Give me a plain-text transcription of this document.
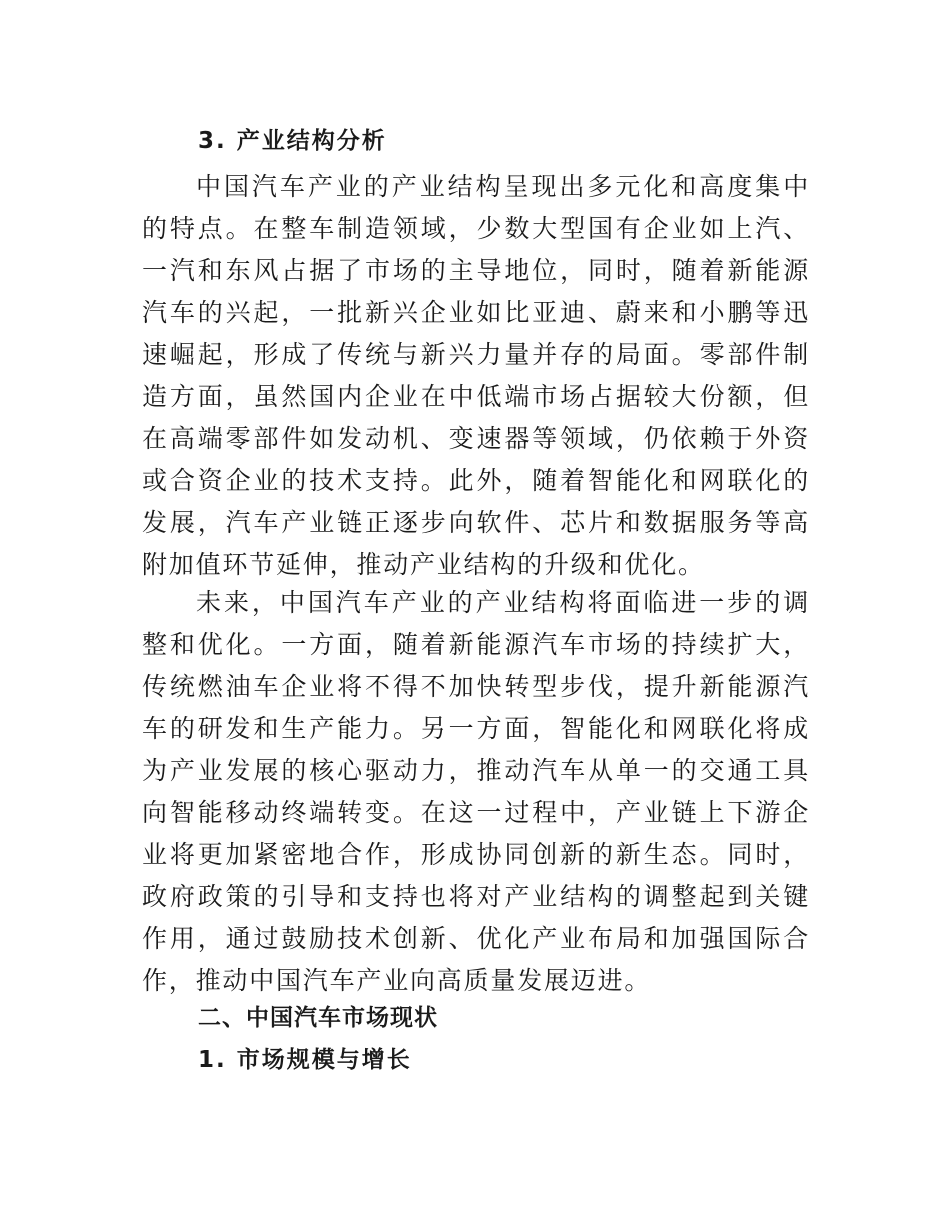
3. 产业结构分析

中国汽车产业的产业结构呈现出多元化和高度集中的特点。在整车制造领域，少数大型国有企业如上汽、一汽和东风占据了市场的主导地位，同时，随着新能源汽车的兴起，一批新兴企业如比亚迪、蔚来和小鹏等迅速崛起，形成了传统与新兴力量并存的局面。零部件制造方面，虽然国内企业在中低端市场占据较大份额，但在高端零部件如发动机、变速器等领域，仍依赖于外资或合资企业的技术支持。此外，随着智能化和网联化的发展，汽车产业链正逐步向软件、芯片和数据服务等高附加值环节延伸，推动产业结构的升级和优化。

未来，中国汽车产业的产业结构将面临进一步的调整和优化。一方面，随着新能源汽车市场的持续扩大，传统燃油车企业将不得不加快转型步伐，提升新能源汽车的研发和生产能力。另一方面，智能化和网联化将成为产业发展的核心驱动力，推动汽车从单一的交通工具向智能移动终端转变。在这一过程中，产业链上下游企业将更加紧密地合作，形成协同创新的新生态。同时，政府政策的引导和支持也将对产业结构的调整起到关键作用，通过鼓励技术创新、优化产业布局和加强国际合作，推动中国汽车产业向高质量发展迈进。

二、中国汽车市场现状
1. 市场规模与增长
